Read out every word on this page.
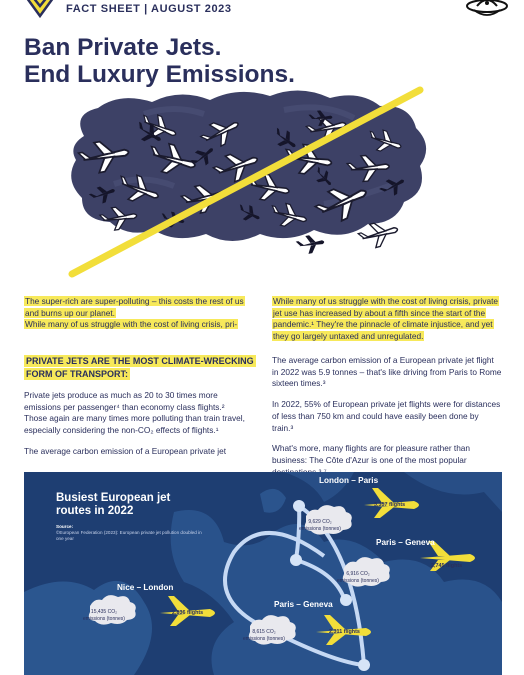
FACT SHEET | AUGUST 2023
Ban Private Jets.
End Luxury Emissions.

The super-rich are super-polluting – this costs the rest of us and burns up our planet.

While many of us struggle with the cost of living crisis, pri-

While many of us struggle with the cost of living crisis, private jet use has increased by about a fifth since the start of the pandemic.¹ They're the pinnacle of climate injustice, and yet they go largely untaxed and unregulated.

PRIVATE JETS ARE THE MOST CLIMATE-WRECKING FORM OF TRANSPORT:

Private jets produce as much as 20 to 30 times more emissions per passenger⁴ than economy class flights.²

Those again are many times more polluting than train travel, especially considering the non-CO₂ effects of flights.¹

The average carbon emission of a European private jet

The average carbon emission of a European private jet flight in 2022 was 5.9 tonnes – that's like driving from Paris to Rome sixteen times.³

In 2022, 55% of European private jet flights were for distances of less than 750 km and could have easily been done by train.³

What's more, many flights are for pleasure rather than business: The Côte d'Azur is one of the most popular

Busiest European jet routes in 2022
Source:
©European Federation (2023): European private jet pollution doubled in one year
London – Paris
9,629 CO₂
emissions (tonnes)
3,357 flights
Paris – Geneva
6,916 CO₂
emissions (tonnes)
2,745 flights
Nice – London
15,435 CO₂
emissions (tonnes)
2,836 flights
Paris – Geneva
8,615 CO₂
emissions (tonnes)
2,311 flights
